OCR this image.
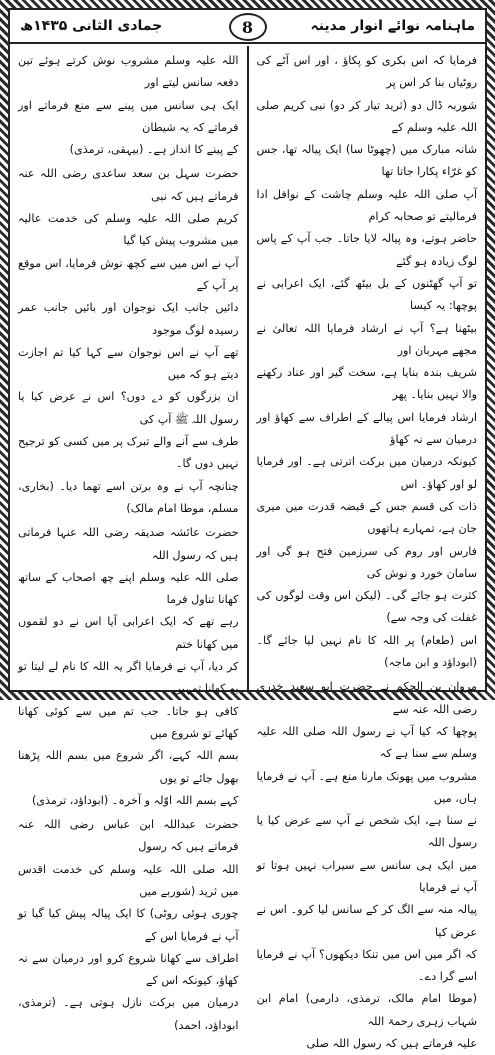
ماہنامہ نوائے انوار مدینہ
جمادی الثانی ۱۴۳۵ھ	8

فرمایا کہ اس بکری کو پکاؤ ، اور اس آٹے کی روٹیاں بنا کر اس پر
شوربہ ڈال دو (ثرید تیار کر دو) نبی کریم صلی اللہ علیہ وسلم کے
شانہ مبارک میں (چھوٹا سا) ایک پیالہ تھا، جس کو غرّاء پکارا جاتا تھا
آپ صلی اللہ علیہ وسلم چاشت کے نوافل ادا فرمالیتے تو صحابہ کرام
حاضر ہوتے، وہ پیالہ لایا جاتا۔ جب آپ کے پاس لوگ زیادہ ہو گئے
تو آپ گھٹنوں کے بل بیٹھ گئے، ایک اعرابی نے پوچھا: یہ کیسا
بیٹھنا ہے؟ آپ نے ارشاد فرمایا اللہ تعالیٰ نے مجھے مہربان اور
شریف بندہ بنایا ہے، سخت گیر اور عناد رکھنے والا نہیں بنایا۔ پھر
ارشاد فرمایا اس پیالے کے اطراف سے کھاؤ اور درمیان سے نہ کھاؤ
کیونکہ درمیان میں برکت اترتی ہے۔ اور فرمایا لو اور کھاؤ۔ اس
ذات کی قسم جس کے قبضہ قدرت میں میری جان ہے، تمہارے ہاتھوں
فارس اور روم کی سرزمین فتح ہو گی اور سامان خورد و نوش کی
کثرت ہو جائے گی۔ (لیکن اس وقت لوگوں کی غفلت کی وجہ سے)
اس (طعام) پر اللہ کا نام نہیں لیا جائے گا۔ (ابوداؤد و ابن ماجہ)

مروان بن الحکم نے حضرت ابو سعید خدری رضی اللہ عنہ سے
پوچھا کہ کیا آپ نے رسول اللہ صلی اللہ علیہ وسلم سے سنا ہے کہ
مشروب میں پھونک مارنا منع ہے۔ آپ نے فرمایا ہاں، میں
نے سنا ہے، ایک شخص نے آپ سے عرض کیا یا رسول اللہ
میں ایک ہی سانس سے سیراب نہیں ہوتا تو آپ نے فرمایا
پیالہ منہ سے الگ کر کے سانس لیا کرو۔ اس نے عرض کیا
کہ اگر میں اس میں تنکا دیکھوں؟ آپ نے فرمایا اسے گرا دے۔
(موطا امام مالک، ترمذی، دارمی) امام ابن شہاب زہری رحمۃ اللہ
علیہ فرماتے ہیں کہ رسول اللہ صلی

اللہ علیہ وسلم مشروب نوش کرتے ہوئے تین دفعہ سانس لیتے اور
ایک ہی سانس میں پینے سے منع فرماتے اور فرماتے کہ یہ شیطان
کے پینے کا انداز ہے۔ (بیہقی، ترمذی)

حضرت سہل بن سعد ساعدی رضی اللہ عنہ فرماتے ہیں کہ نبی
کریم صلی اللہ علیہ وسلم کی خدمت عالیہ میں مشروب پیش کیا گیا
آپ نے اس میں سے کچھ نوش فرمایا، اس موقع پر آپ کے
دائیں جانب ایک نوجوان اور بائیں جانب عمر رسیدہ لوگ موجود
تھے آپ نے اس نوجوان سے کہا کیا تم اجازت دیتے ہو کہ میں
ان بزرگوں کو دے دوں؟ اس نے عرض کیا یا رسول اللہ ﷺ آپ کی
طرف سے آنے والے تبرک پر میں کسی کو ترجیح نہیں دوں گا۔
چنانچہ آپ نے وہ برتن اسے تھما دیا۔ (بخاری، مسلم، موطا امام مالک)

حضرت عائشہ صدیقہ رضی اللہ عنہا فرماتی ہیں کہ رسول اللہ
صلی اللہ علیہ وسلم اپنے چھ اصحاب کے ساتھ کھانا تناول فرما
رہے تھے کہ ایک اعرابی آیا اس نے دو لقموں میں کھانا ختم
کر دیا، آپ نے فرمایا اگر یہ اللہ کا نام لے لیتا تو یہ کھانا تمہیں
کافی ہو جاتا۔ جب تم میں سے کوئی کھانا کھائے تو شروع میں
بسم اللہ کہے، اگر شروع میں بسم اللہ پڑھنا بھول جائے تو یوں
کہے بسم اللہ اوّلہ و آخرہ۔ (ابوداؤد، ترمذی)

حضرت عبداللہ ابن عباس رضی اللہ عنہ فرماتے ہیں کہ رسول
اللہ صلی اللہ علیہ وسلم کی خدمت اقدس میں ثرید (شوربے میں
چوری ہوئی روٹی) کا ایک پیالہ پیش کیا گیا تو آپ نے فرمایا اس کے
اطراف سے کھانا شروع کرو اور درمیان سے نہ کھاؤ، کیونکہ اس کے
درمیان میں برکت نازل ہوتی ہے۔ (ترمذی، ابوداؤد، احمد)
